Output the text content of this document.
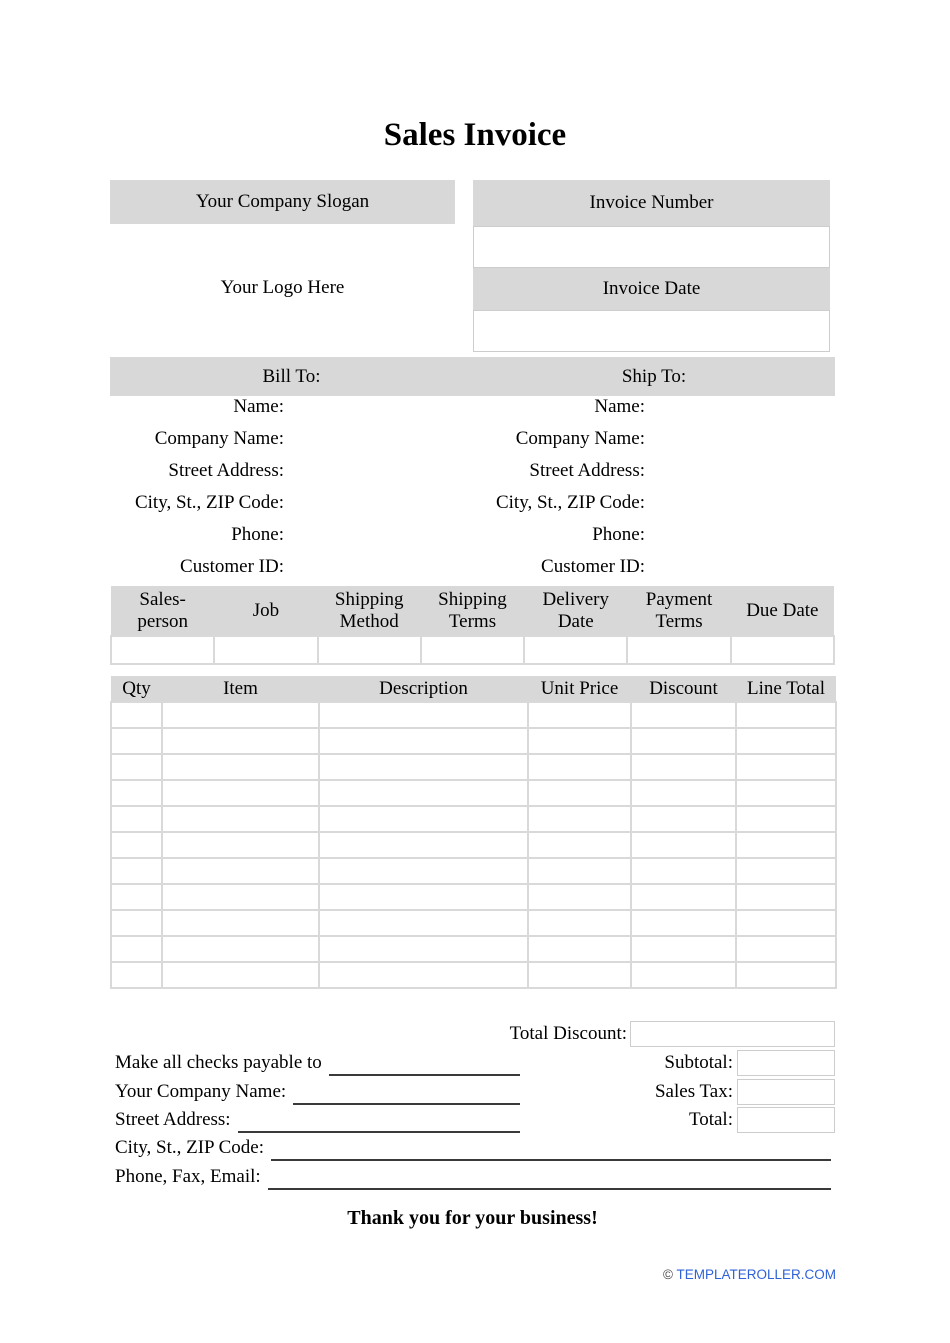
Sales Invoice
Your Company Slogan
Your Logo Here
Invoice Number
Invoice Date
Bill To:	Ship To:
Name:
Company Name:
Street Address:
City, St., ZIP Code:
Phone:
Customer ID:
Name:
Company Name:
Street Address:
City, St., ZIP Code:
Phone:
Customer ID:
Sales-person	Job	Shipping Method	Shipping Terms	Delivery Date	Payment Terms	Due Date

Qty	Item	Description	Unit Price	Discount	Line Total

Total Discount:
Subtotal:
Sales Tax:
Total:
Make all checks payable to
Your Company Name:
Street Address:
City, St., ZIP Code:
Phone, Fax, Email:
Thank you for your business!
© TEMPLATEROLLER.COM
